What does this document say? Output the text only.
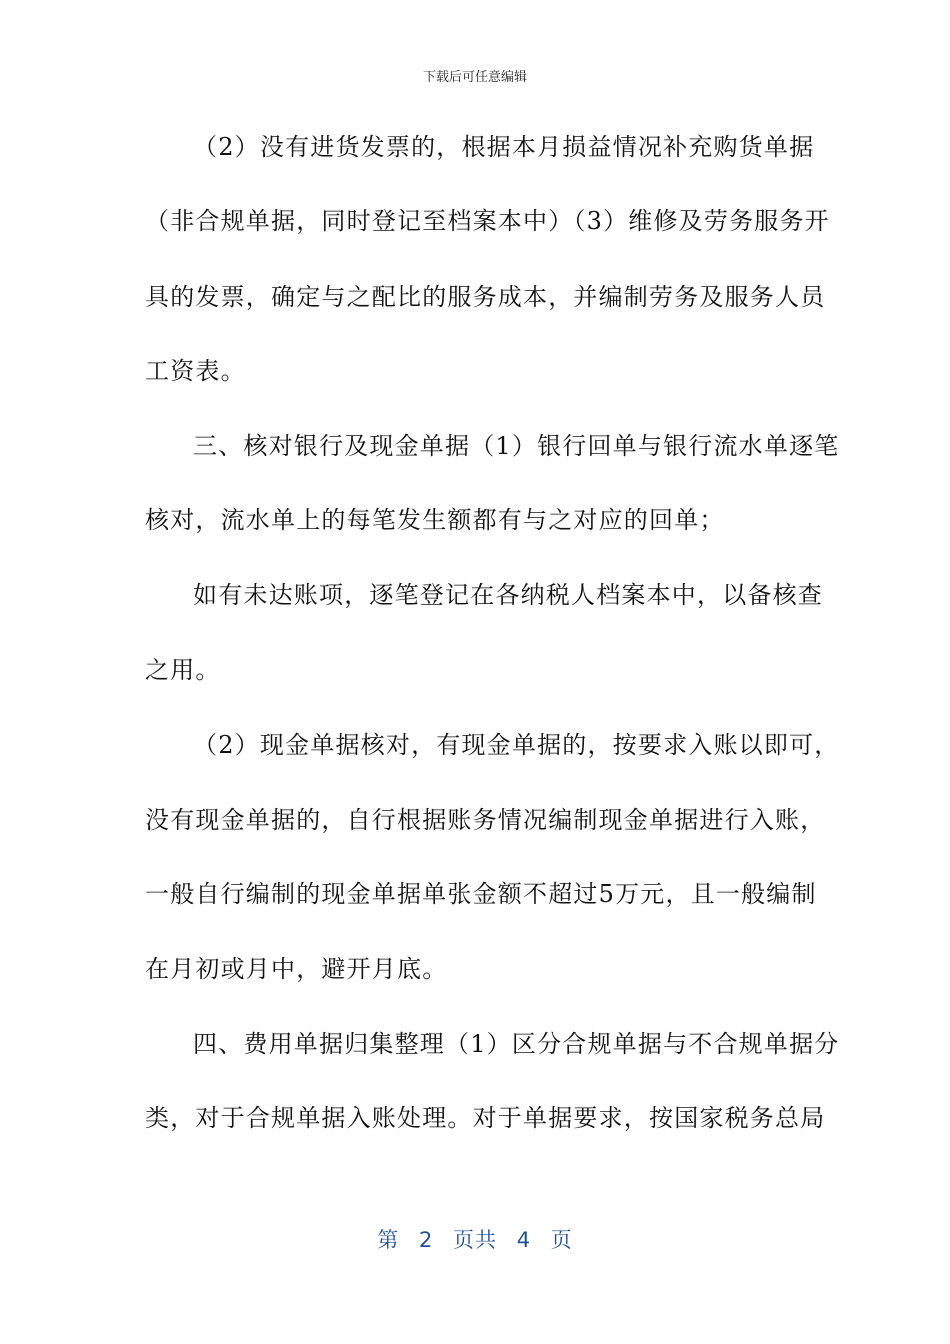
下载后可任意编辑
（2）没有进货发票的，根据本月损益情况补充购货单据
（非合规单据，同时登记至档案本中）（3）维修及劳务服务开
具的发票，确定与之配比的服务成本，并编制劳务及服务人员
工资表。
三、核对银行及现金单据（1）银行回单与银行流水单逐笔
核对，流水单上的每笔发生额都有与之对应的回单；
如有未达账项，逐笔登记在各纳税人档案本中，以备核查
之用。
（2）现金单据核对，有现金单据的，按要求入账以即可，
没有现金单据的，自行根据账务情况编制现金单据进行入账，
一般自行编制的现金单据单张金额不超过5万元，且一般编制
在月初或月中，避开月底。
四、费用单据归集整理（1）区分合规单据与不合规单据分
类，对于合规单据入账处理。对于单据要求，按国家税务总局
第 2 页共 4 页
